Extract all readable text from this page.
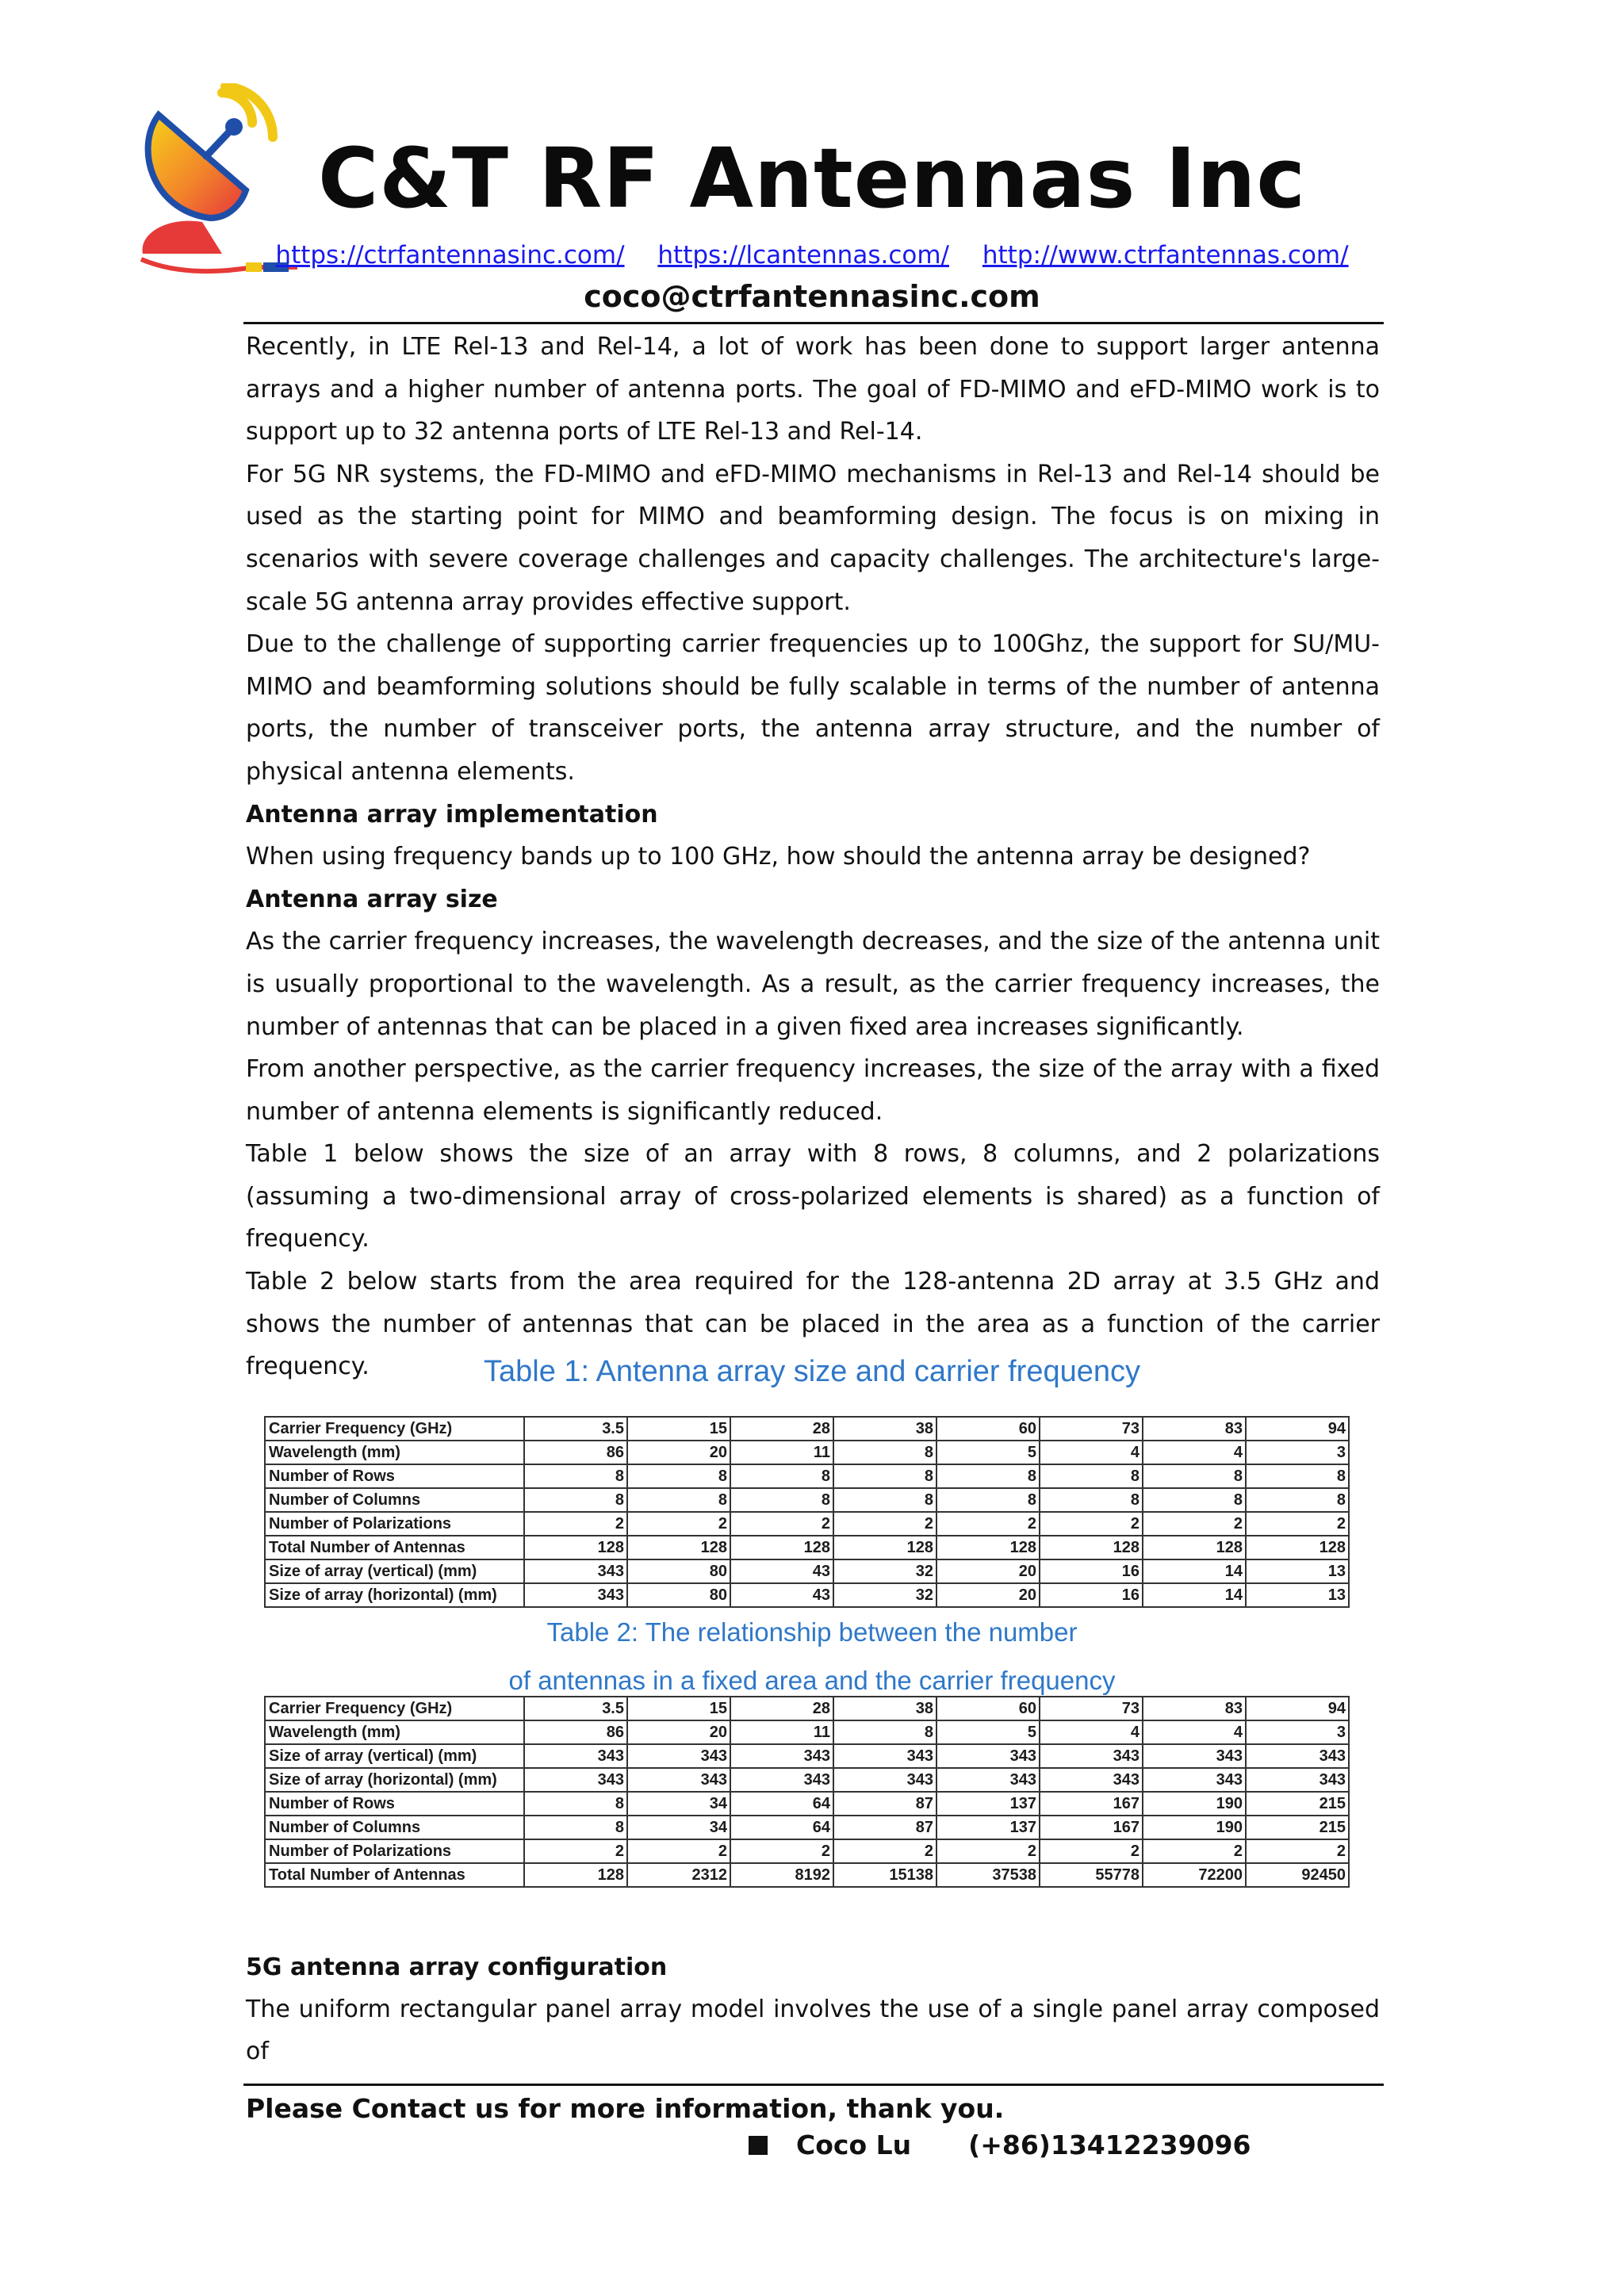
C&T RF Antennas Inc
https://ctrfantennasinc.com/ https://lcantennas.com/ http://www.ctrfantennas.com/
coco@ctrfantennasinc.com

Recently, in LTE Rel-13 and Rel-14, a lot of work has been done to support larger antenna arrays and a higher number of antenna ports. The goal of FD-MIMO and eFD-MIMO work is to support up to 32 antenna ports of LTE Rel-13 and Rel-14.

For 5G NR systems, the FD-MIMO and eFD-MIMO mechanisms in Rel-13 and Rel-14 should be used as the starting point for MIMO and beamforming design. The focus is on mixing in scenarios with severe coverage challenges and capacity challenges. The architecture's large-scale 5G antenna array provides effective support.

Due to the challenge of supporting carrier frequencies up to 100Ghz, the support for SU/MU-MIMO and beamforming solutions should be fully scalable in terms of the number of antenna ports, the number of transceiver ports, the antenna array structure, and the number of physical antenna elements.

Antenna array implementation

When using frequency bands up to 100 GHz, how should the antenna array be designed?

Antenna array size

As the carrier frequency increases, the wavelength decreases, and the size of the antenna unit is usually proportional to the wavelength. As a result, as the carrier frequency increases, the number of antennas that can be placed in a given fixed area increases significantly.

From another perspective, as the carrier frequency increases, the size of the array with a fixed number of antenna elements is significantly reduced.

Table 1 below shows the size of an array with 8 rows, 8 columns, and 2 polarizations (assuming a two-dimensional array of cross-polarized elements is shared) as a function of frequency.

Table 2 below starts from the area required for the 128-antenna 2D array at 3.5 GHz and shows the number of antennas that can be placed in the area as a function of the carrier frequency.	Table 1: Antenna array size and carrier frequency
Carrier Frequency (GHz)	3.5	15	28	38	60	73	83	94
Wavelength (mm)	86	20	11	8	5	4	4	3
Number of Rows	8	8	8	8	8	8	8	8
Number of Columns	8	8	8	8	8	8	8	8
Number of Polarizations	2	2	2	2	2	2	2	2
Total Number of Antennas	128	128	128	128	128	128	128	128
Size of array (vertical) (mm)	343	80	43	32	20	16	14	13
Size of array (horizontal) (mm)	343	80	43	32	20	16	14	13
Table 2: The relationship between the number
of antennas in a fixed area and the carrier frequency
Carrier Frequency (GHz)	3.5	15	28	38	60	73	83	94
Wavelength (mm)	86	20	11	8	5	4	4	3
Size of array (vertical) (mm)	343	343	343	343	343	343	343	343
Size of array (horizontal) (mm)	343	343	343	343	343	343	343	343
Number of Rows	8	34	64	87	137	167	190	215
Number of Columns	8	34	64	87	137	167	190	215
Number of Polarizations	2	2	2	2	2	2	2	2
Total Number of Antennas	128	2312	8192	15138	37538	55778	72200	92450
5G antenna array configuration
The uniform rectangular panel array model involves the use of a single panel array composed of
Please Contact us for more information, thank you.
Coco Lu (+86)13412239096
